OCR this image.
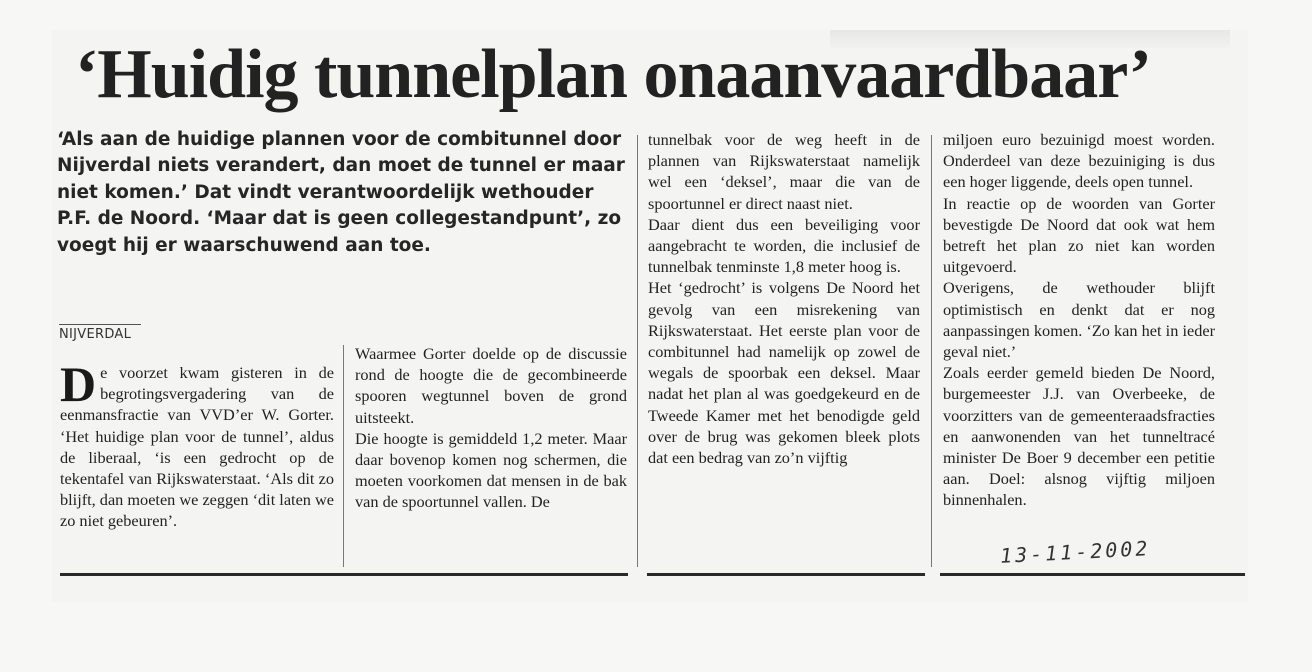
‘Huidig tunnelplan onaanvaardbaar’

‘Als aan de huidige plannen voor de combitunnel door Nijverdal niets verandert, dan moet de tunnel er maar niet komen.’ Dat vindt verantwoordelijk wethouder P.F. de Noord. ‘Maar dat is geen collegestandpunt’, zo voegt hij er waarschuwend aan toe.

NIJVERDAL
D e voorzet kwam gisteren in de begrotingsvergadering van de eenmansfractie van VVD’er W. Gorter. ‘Het huidige plan voor de tunnel’, aldus de liberaal, ‘is een gedrocht op de tekentafel van Rijkswaterstaat. ‘Als dit zo blijft, dan moeten we zeggen ‘dit laten we zo niet gebeuren’.

Waarmee Gorter doelde op de discussie rond de hoogte die de gecombineerde spooren wegtunnel boven de grond uitsteekt.

Die hoogte is gemiddeld 1,2 meter. Maar daar bovenop komen nog schermen, die moeten voorkomen dat mensen in de bak van de spoortunnel vallen. De

tunnelbak voor de weg heeft in de plannen van Rijkswaterstaat namelijk wel een ‘deksel’, maar die van de spoortunnel er direct naast niet.

Daar dient dus een beveiliging voor aangebracht te worden, die inclusief de tunnelbak tenminste 1,8 meter hoog is.

Het ‘gedrocht’ is volgens De Noord het gevolg van een misrekening van Rijkswaterstaat. Het eerste plan voor de combitunnel had namelijk op zowel de wegals de spoorbak een deksel. Maar nadat het plan al was goedgekeurd en de Tweede Kamer met het benodigde geld over de brug was gekomen bleek plots dat een bedrag van zo’n vijftig

miljoen euro bezuinigd moest worden. Onderdeel van deze bezuiniging is dus een hoger liggende, deels open tunnel.

In reactie op de woorden van Gorter bevestigde De Noord dat ook wat hem betreft het plan zo niet kan worden uitgevoerd.

Overigens, de wethouder blijft optimistisch en denkt dat er nog aanpassingen komen. ‘Zo kan het in ieder geval niet.’

Zoals eerder gemeld bieden De Noord, burgemeester J.J. van Overbeeke, de voorzitters van de gemeenteraadsfracties en aanwonenden van het tunneltracé minister De Boer 9 december een petitie aan. Doel: alsnog vijftig miljoen binnenhalen.

13-11-2002
